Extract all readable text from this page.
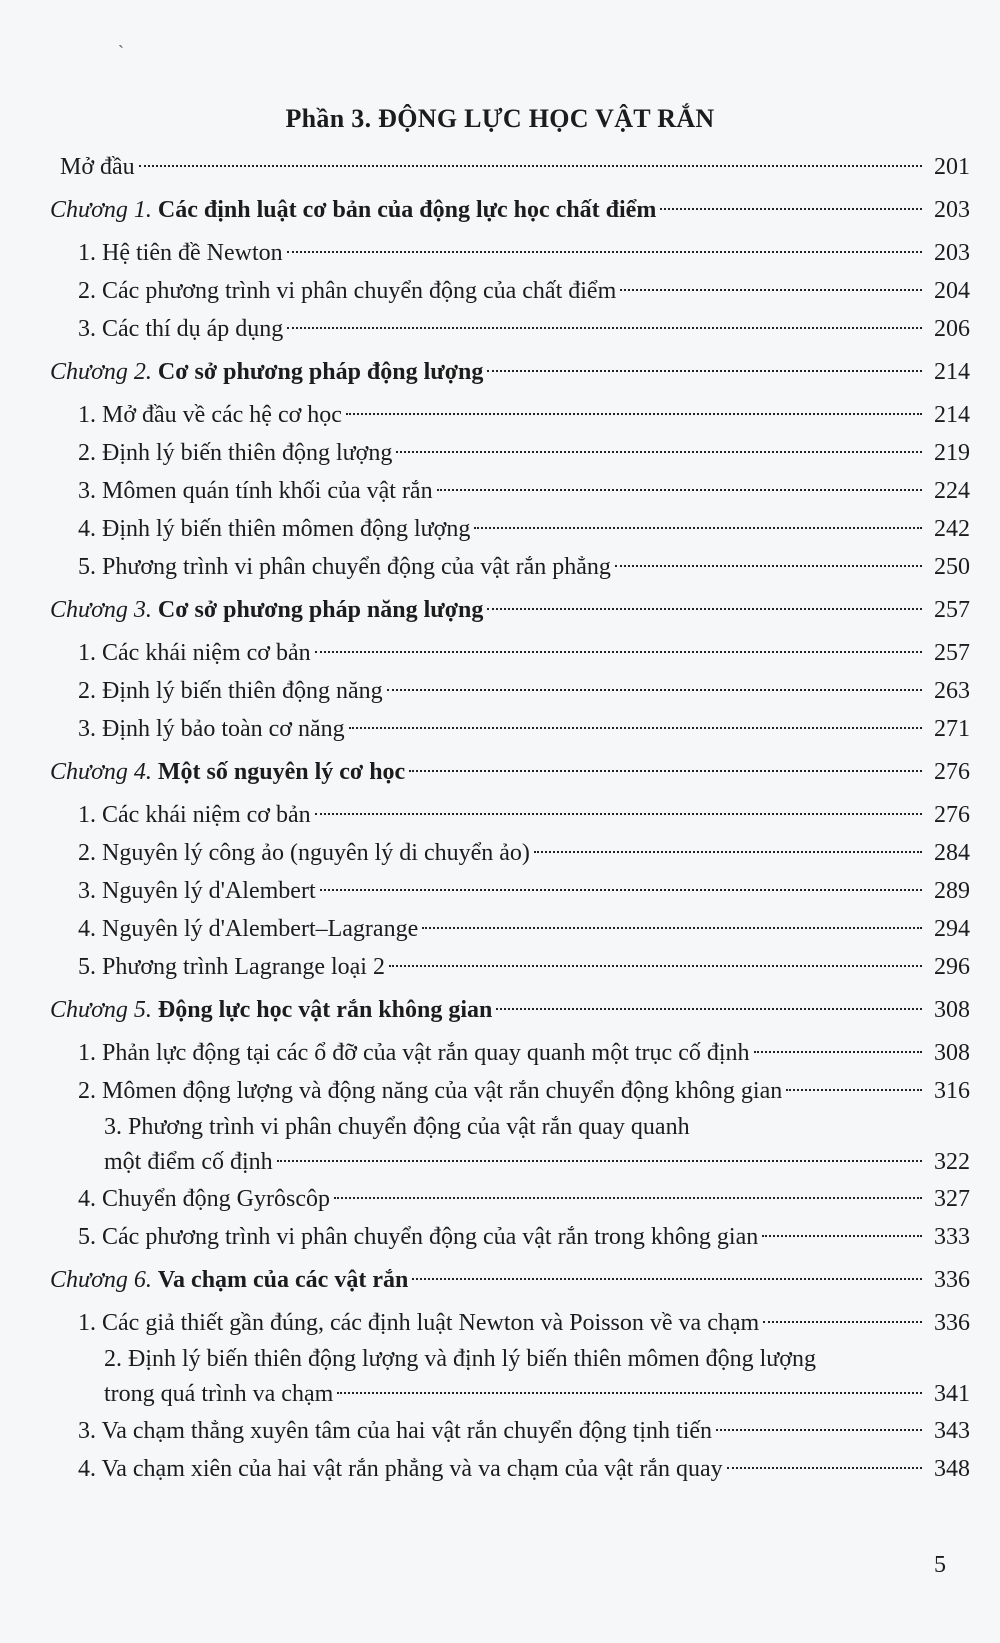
ˏ
Phần 3. ĐỘNG LỰC HỌC VẬT RẮN
Mở đầu	201
Chương 1. Các định luật cơ bản của động lực học chất điểm	203
1. Hệ tiên đề Newton	203
2. Các phương trình vi phân chuyển động của chất điểm	204
3. Các thí dụ áp dụng	206
Chương 2. Cơ sở phương pháp động lượng	214
1. Mở đầu về các hệ cơ học	214
2. Định lý biến thiên động lượng	219
3. Mômen quán tính khối của vật rắn	224
4. Định lý biến thiên mômen động lượng	242
5. Phương trình vi phân chuyển động của vật rắn phẳng	250
Chương 3. Cơ sở phương pháp năng lượng	257
1. Các khái niệm cơ bản	257
2. Định lý biến thiên động năng	263
3. Định lý bảo toàn cơ năng	271
Chương 4. Một số nguyên lý cơ học	276
1. Các khái niệm cơ bản	276
2. Nguyên lý công ảo (nguyên lý di chuyển ảo)	284
3. Nguyên lý d'Alembert	289
4. Nguyên lý d'Alembert–Lagrange	294
5. Phương trình Lagrange loại 2	296
Chương 5. Động lực học vật rắn không gian	308
1. Phản lực động tại các ổ đỡ của vật rắn quay quanh một trục cố định	308
2. Mômen động lượng và động năng của vật rắn chuyển động không gian	316
3. Phương trình vi phân chuyển động của vật rắn quay quanh
một điểm cố định	322
4. Chuyển động Gyrôscôp	327
5. Các phương trình vi phân chuyển động của vật rắn trong không gian	333
Chương 6. Va chạm của các vật rắn	336
1. Các giả thiết gần đúng, các định luật Newton và Poisson về va chạm	336
2. Định lý biến thiên động lượng và định lý biến thiên mômen động lượng
trong quá trình va chạm	341
3. Va chạm thẳng xuyên tâm của hai vật rắn chuyển động tịnh tiến	343
4. Va chạm xiên của hai vật rắn phẳng và va chạm của vật rắn quay	348
5
